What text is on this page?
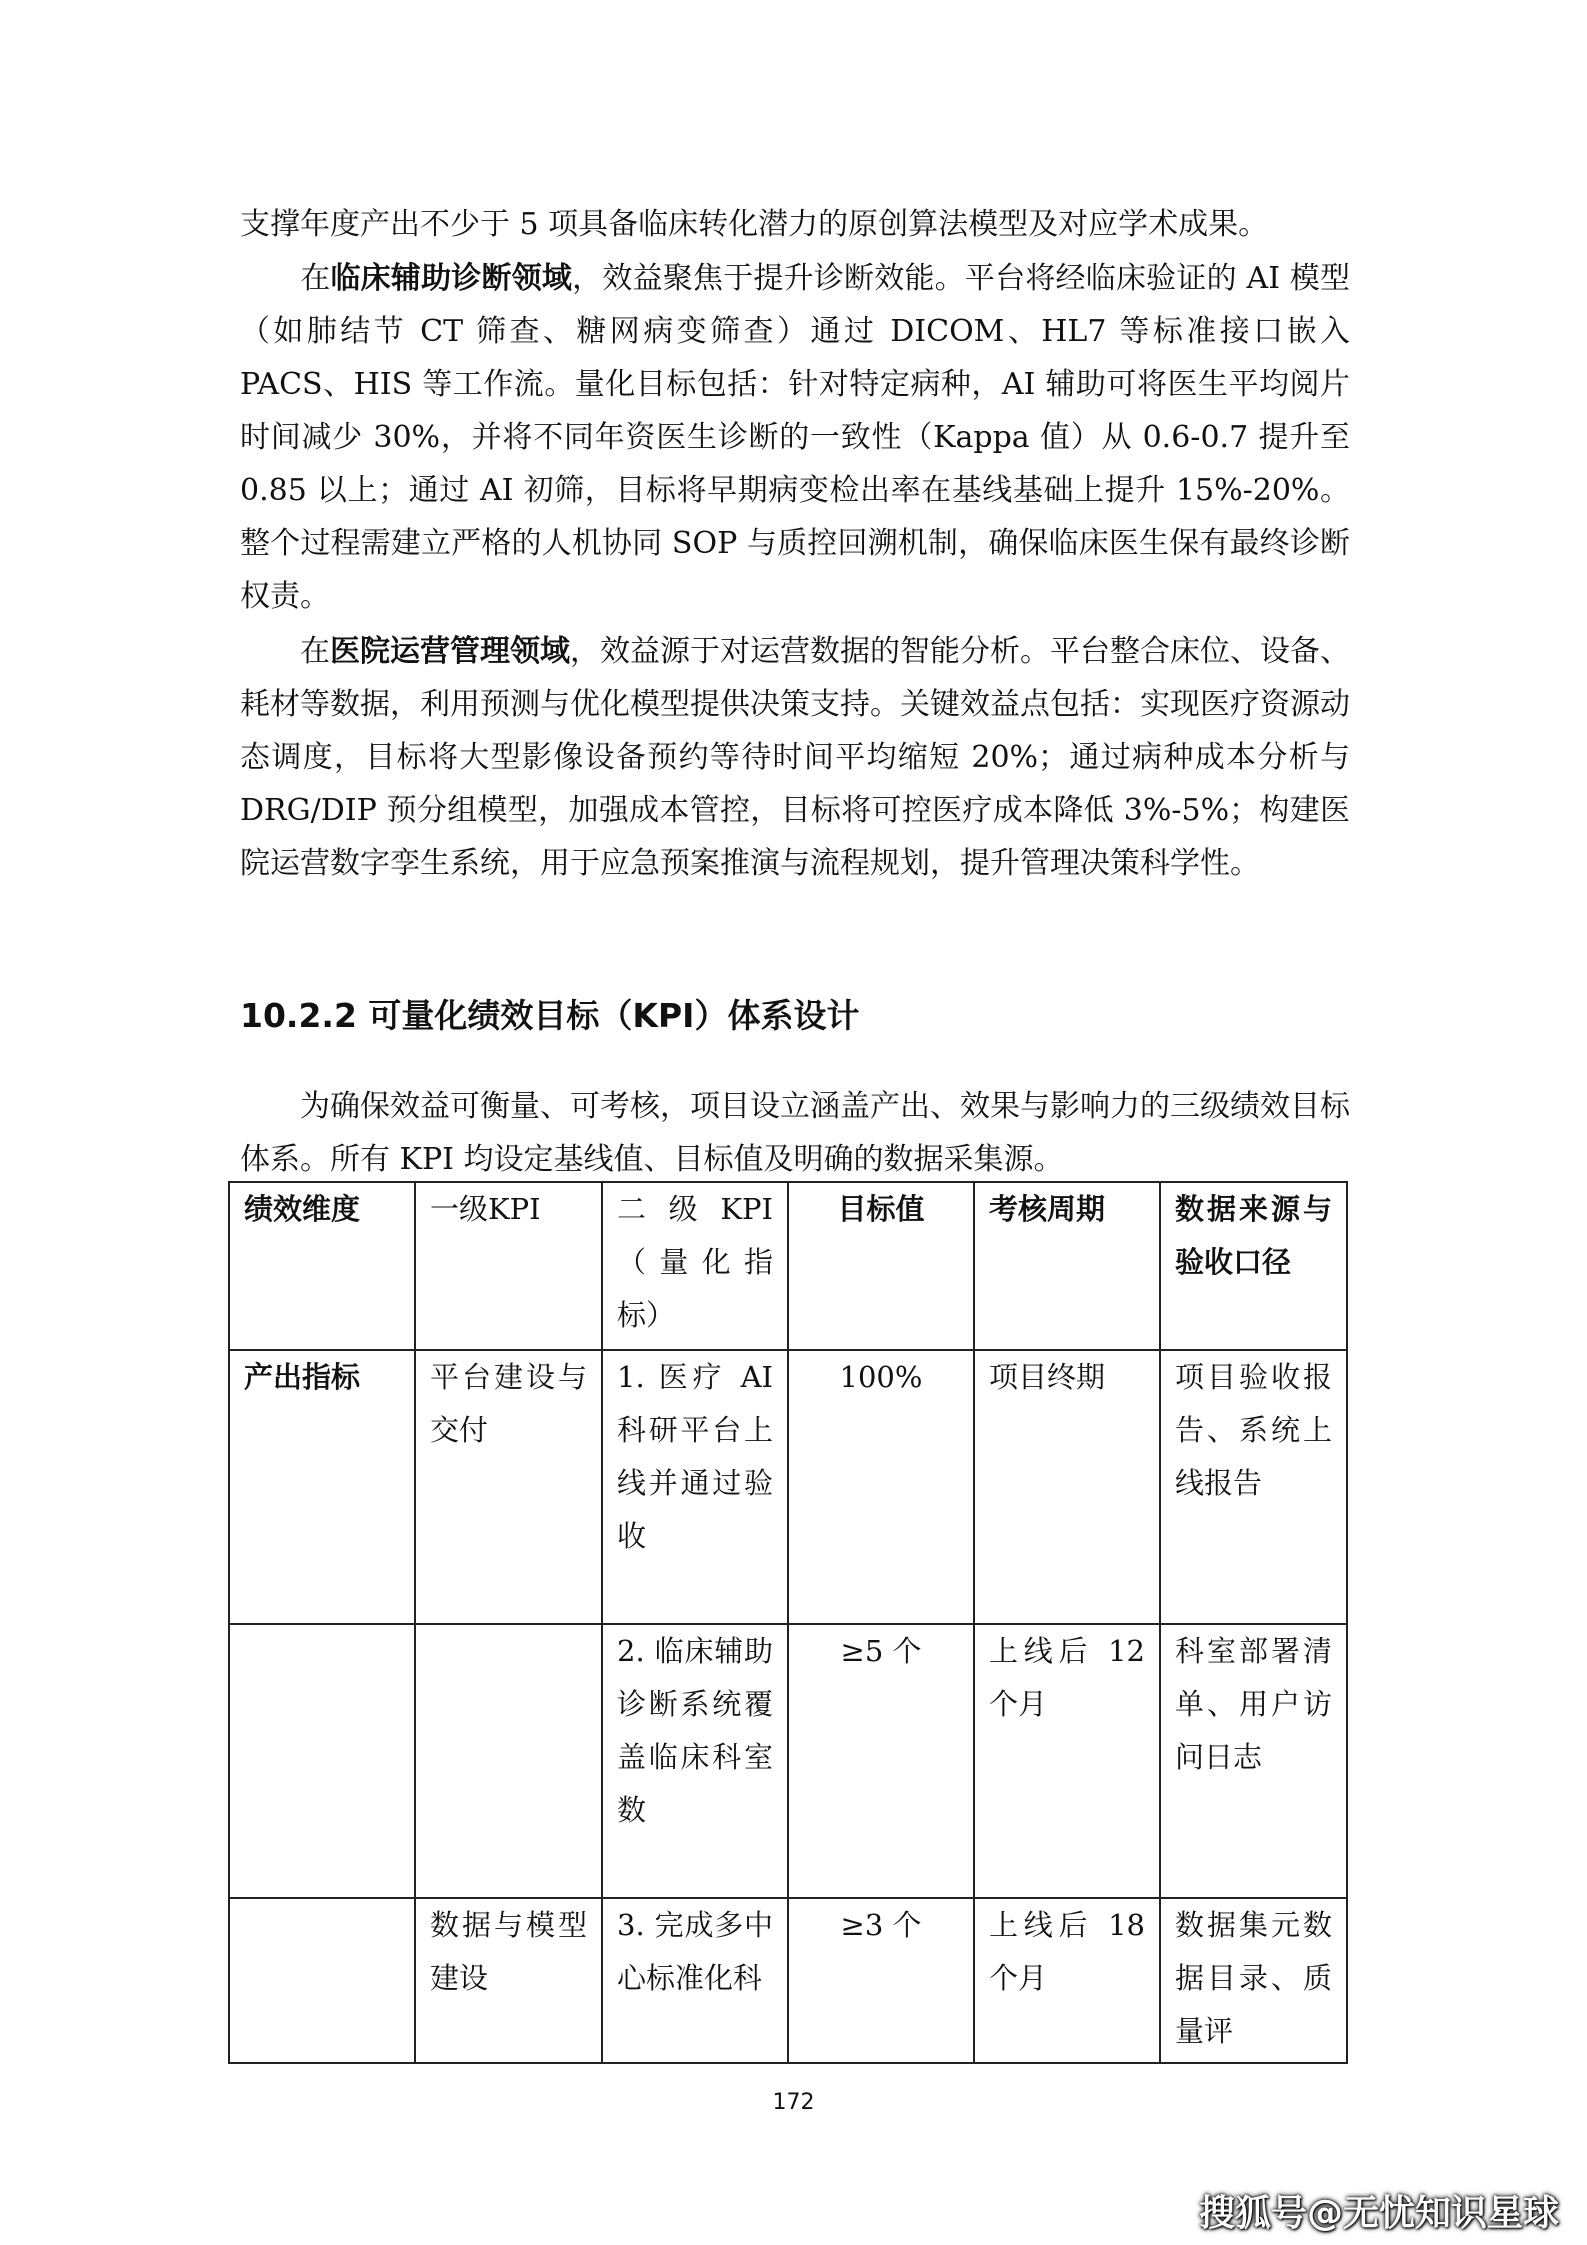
支撑年度产出不少于 5 项具备临床转化潜力的原创算法模型及对应学术成果。

在临床辅助诊断领域，效益聚焦于提升诊断效能。平台将经临床验证的 AI 模型（如肺结节 CT 筛查、糖网病变筛查）通过 DICOM、HL7 等标准接口嵌入 PACS、HIS 等工作流。量化目标包括：针对特定病种，AI 辅助可将医生平均阅片时间减少 30%，并将不同年资医生诊断的一致性（Kappa 值）从 0.6-0.7 提升至 0.85 以上；通过 AI 初筛，目标将早期病变检出率在基线基础上提升 15%-20%。整个过程需建立严格的人机协同 SOP 与质控回溯机制，确保临床医生保有最终诊断权责。

在医院运营管理领域，效益源于对运营数据的智能分析。平台整合床位、设备、耗材等数据，利用预测与优化模型提供决策支持。关键效益点包括：实现医疗资源动态调度，目标将大型影像设备预约等待时间平均缩短 20%；通过病种成本分析与 DRG/DIP 预分组模型，加强成本管控，目标将可控医疗成本降低 3%-5%；构建医院运营数字孪生系统，用于应急预案推演与流程规划，提升管理决策科学性。

10.2.2 可量化绩效目标（KPI）体系设计

为确保效益可衡量、可考核，项目设立涵盖产出、效果与影响力的三级绩效目标体系。所有 KPI 均设定基线值、目标值及明确的数据采集源。

绩效维度	一级KPI	二级KPI（量化指标）	目标值	考核周期	数据来源与验收口径
产出指标	平台建设与交付	1. 医疗 AI 科研平台上线并通过验收	100%	项目终期	项目验收报告、系统上线报告
		2. 临床辅助诊断系统覆盖临床科室数	≥5 个	上线后 12 个月	科室部署清单、用户访问日志
	数据与模型建设	3. 完成多中心标准化科	≥3 个	上线后 18 个月	数据集元数据目录、质量评
172
搜狐号@无忧知识星球
